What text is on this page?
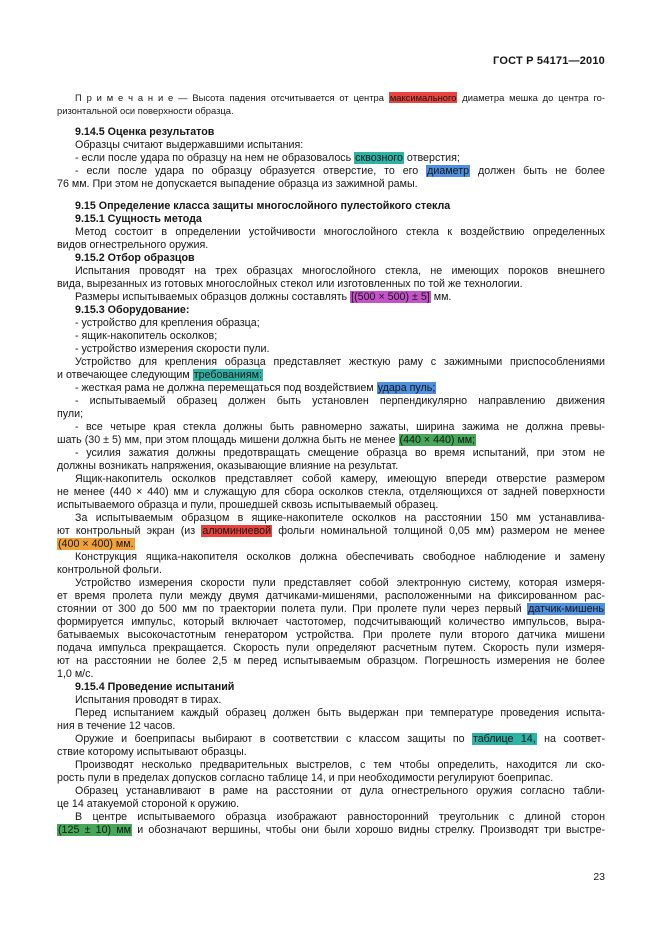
ГОСТ Р 54171—2010
П р и м е ч а н и е — Высота падения отсчитывается от центра максимального диаметра мешка до центра го-
ризонтальной оси поверхности образца.
9.14.5 Оценка результатов
Образцы считают выдержавшими испытания:
- если после удара по образцу на нем не образовалось сквозного отверстия;
- если после удара по образцу образуется отверстие, то его диаметр должен быть не более
76 мм. При этом не допускается выпадение образца из зажимной рамы.
9.15 Определение класса защиты многослойного пулестойкого стекла
9.15.1 Сущность метода
Метод состоит в определении устойчивости многослойного стекла к воздействию определенных
видов огнестрельного оружия.
9.15.2 Отбор образцов
Испытания проводят на трех образцах многослойного стекла, не имеющих пороков внешнего
вида, вырезанных из готовых многослойных стекол или изготовленных по той же технологии.
Размеры испытываемых образцов должны составлять [(500 × 500) ± 5] мм.
9.15.3 Оборудование:
- устройство для крепления образца;
- ящик-накопитель осколков;
- устройство измерения скорости пули.
Устройство для крепления образца представляет жесткую раму с зажимными приспособлениями
и отвечающее следующим требованиям:
- жесткая рама не должна перемещаться под воздействием удара пуль;
- испытываемый образец должен быть установлен перпендикулярно направлению движения
пули;
- все четыре края стекла должны быть равномерно зажаты, ширина зажима не должна превы-
шать (30 ± 5) мм, при этом площадь мишени должна быть не менее (440 × 440) мм;
- усилия зажатия должны предотвращать смещение образца во время испытаний, при этом не
должны возникать напряжения, оказывающие влияние на результат.
Ящик-накопитель осколков представляет собой камеру, имеющую впереди отверстие размером
не менее (440 × 440) мм и служащую для сбора осколков стекла, отделяющихся от задней поверхности
испытываемого образца и пули, прошедшей сквозь испытываемый образец.
За испытываемым образцом в ящике-накопителе осколков на расстоянии 150 мм устанавлива-
ют контрольный экран (из алюминиевой фольги номинальной толщиной 0,05 мм) размером не менее
(400 × 400) мм.
Конструкция ящика-накопителя осколков должна обеспечивать свободное наблюдение и замену
контрольной фольги.
Устройство измерения скорости пули представляет собой электронную систему, которая измеря-
ет время пролета пули между двумя датчиками-мишенями, расположенными на фиксированном рас-
стоянии от 300 до 500 мм по траектории полета пули. При пролете пули через первый датчик-мишень
формируется импульс, который включает частотомер, подсчитывающий количество импульсов, выра-
батываемых высокочастотным генератором устройства. При пролете пули второго датчика мишени
подача импульса прекращается. Скорость пули определяют расчетным путем. Скорость пули измеря-
ют на расстоянии не более 2,5 м перед испытываемым образцом. Погрешность измерения не более
1,0 м/с.
9.15.4 Проведение испытаний
Испытания проводят в тирах.
Перед испытанием каждый образец должен быть выдержан при температуре проведения испыта-
ния в течение 12 часов.
Оружие и боеприпасы выбирают в соответствии с классом защиты по таблице 14, на соответ-
ствие которому испытывают образцы.
Производят несколько предварительных выстрелов, с тем чтобы определить, находится ли ско-
рость пули в пределах допусков согласно таблице 14, и при необходимости регулируют боеприпас.
Образец устанавливают в раме на расстоянии от дула огнестрельного оружия согласно табли-
це 14 атакуемой стороной к оружию.
В центре испытываемого образца изображают равносторонний треугольник с длиной сторон
(125 ± 10) мм и обозначают вершины, чтобы они были хорошо видны стрелку. Производят три выстре-
23
